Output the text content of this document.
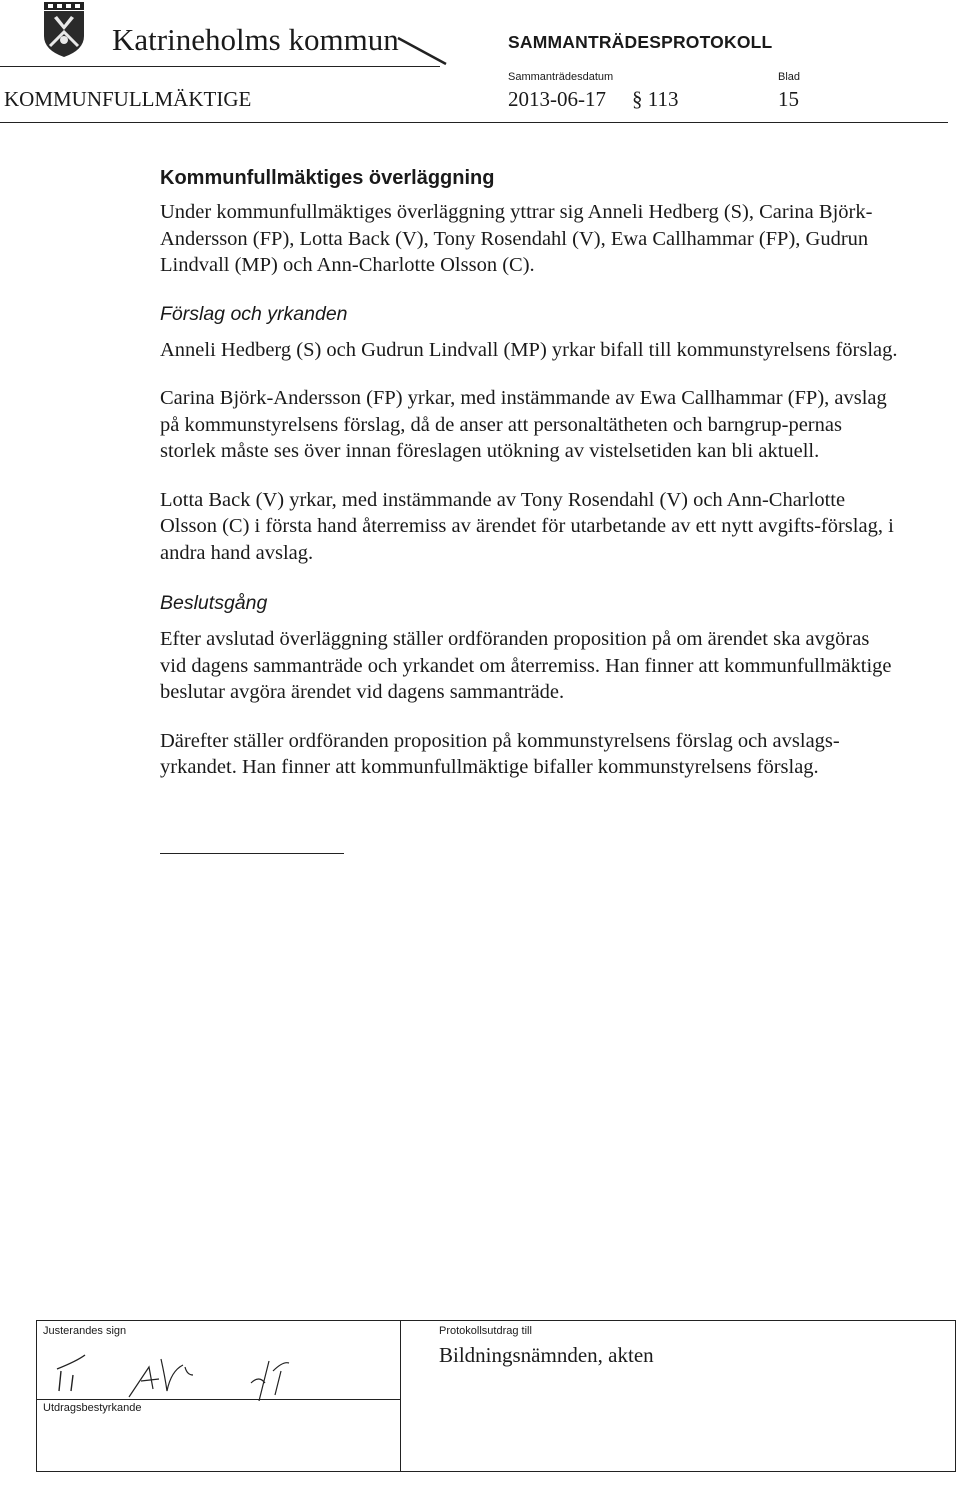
Katrineholms kommun	SAMMANTRÄDESPROTOKOLL
Sammanträdesdatum	Blad
KOMMUNFULLMÄKTIGE	2013-06-17 § 113	15
Kommunfullmäktiges överläggning

Under kommunfullmäktiges överläggning yttrar sig Anneli Hedberg (S), Carina Björk-Andersson (FP), Lotta Back (V), Tony Rosendahl (V), Ewa Callhammar (FP), Gudrun Lindvall (MP) och Ann-Charlotte Olsson (C).

Förslag och yrkanden

Anneli Hedberg (S) och Gudrun Lindvall (MP) yrkar bifall till kommunstyrelsens förslag.

Carina Björk-Andersson (FP) yrkar, med instämmande av Ewa Callhammar (FP), avslag på kommunstyrelsens förslag, då de anser att personaltätheten och barngrup-pernas storlek måste ses över innan föreslagen utökning av vistelsetiden kan bli aktuell.

Lotta Back (V) yrkar, med instämmande av Tony Rosendahl (V) och Ann-Charlotte Olsson (C) i första hand återremiss av ärendet för utarbetande av ett nytt avgifts-förslag, i andra hand avslag.

Beslutsgång

Efter avslutad överläggning ställer ordföranden proposition på om ärendet ska avgöras vid dagens sammanträde och yrkandet om återremiss. Han finner att kommunfullmäktige beslutar avgöra ärendet vid dagens sammanträde.

Därefter ställer ordföranden proposition på kommunstyrelsens förslag och avslags-yrkandet. Han finner att kommunfullmäktige bifaller kommunstyrelsens förslag.

Justerandes sign
Utdragsbestyrkande
Protokollsutdrag till
Bildningsnämnden, akten
